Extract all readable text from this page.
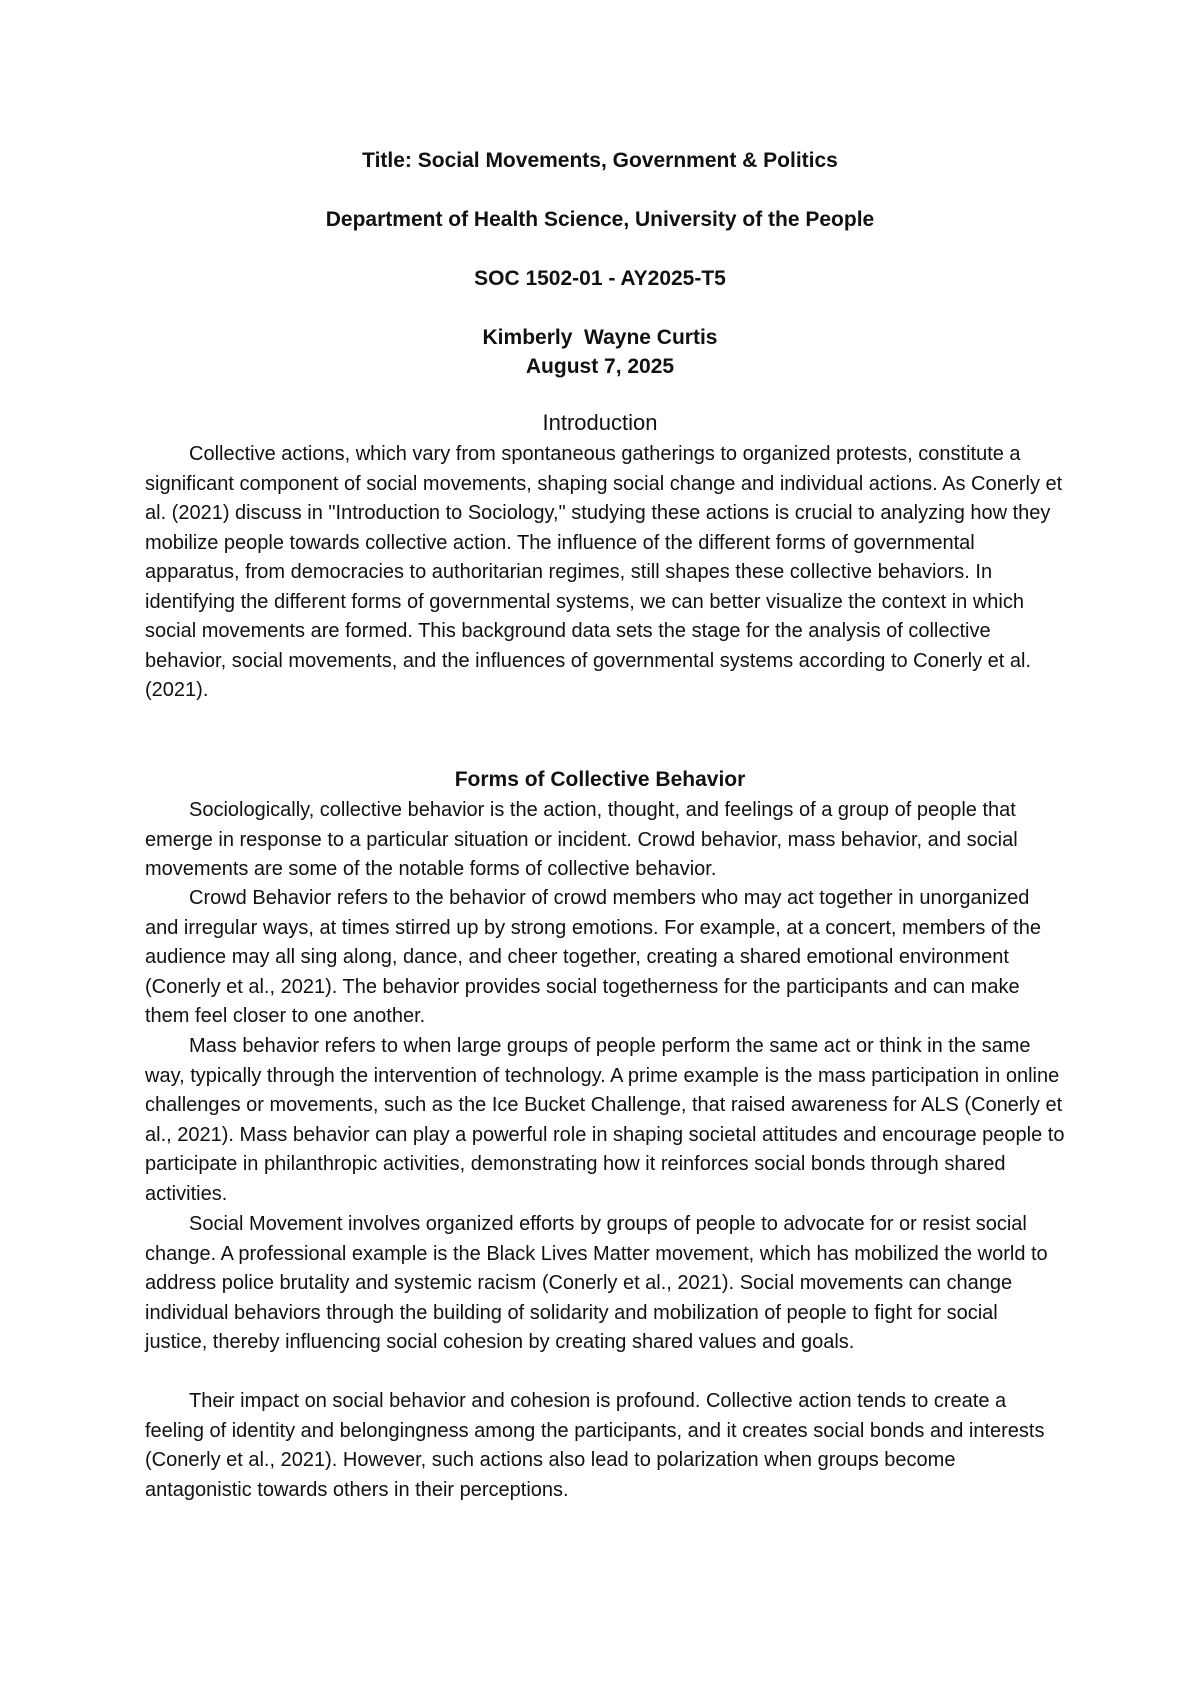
Title: Social Movements, Government & Politics
Department of Health Science, University of the People
SOC 1502-01 - AY2025-T5
Kimberly  Wayne Curtis
August 7, 2025
Introduction

Collective actions, which vary from spontaneous gatherings to organized protests, constitute a significant component of social movements, shaping social change and individual actions. As Conerly et al. (2021) discuss in "Introduction to Sociology," studying these actions is crucial to analyzing how they mobilize people towards collective action. The influence of the different forms of governmental apparatus, from democracies to authoritarian regimes, still shapes these collective behaviors. In identifying the different forms of governmental systems, we can better visualize the context in which social movements are formed. This background data sets the stage for the analysis of collective behavior, social movements, and the influences of governmental systems according to Conerly et al. (2021).

Forms of Collective Behavior

Sociologically, collective behavior is the action, thought, and feelings of a group of people that emerge in response to a particular situation or incident. Crowd behavior, mass behavior, and social movements are some of the notable forms of collective behavior.

Crowd Behavior refers to the behavior of crowd members who may act together in unorganized and irregular ways, at times stirred up by strong emotions. For example, at a concert, members of the audience may all sing along, dance, and cheer together, creating a shared emotional environment (Conerly et al., 2021). The behavior provides social togetherness for the participants and can make them feel closer to one another.

Mass behavior refers to when large groups of people perform the same act or think in the same way, typically through the intervention of technology. A prime example is the mass participation in online challenges or movements, such as the Ice Bucket Challenge, that raised awareness for ALS (Conerly et al., 2021). Mass behavior can play a powerful role in shaping societal attitudes and encourage people to participate in philanthropic activities, demonstrating how it reinforces social bonds through shared activities.

Social Movement involves organized efforts by groups of people to advocate for or resist social change. A professional example is the Black Lives Matter movement, which has mobilized the world to address police brutality and systemic racism (Conerly et al., 2021). Social movements can change individual behaviors through the building of solidarity and mobilization of people to fight for social justice, thereby influencing social cohesion by creating shared values and goals.

Their impact on social behavior and cohesion is profound. Collective action tends to create a feeling of identity and belongingness among the participants, and it creates social bonds and interests (Conerly et al., 2021). However, such actions also lead to polarization when groups become antagonistic towards others in their perceptions.
